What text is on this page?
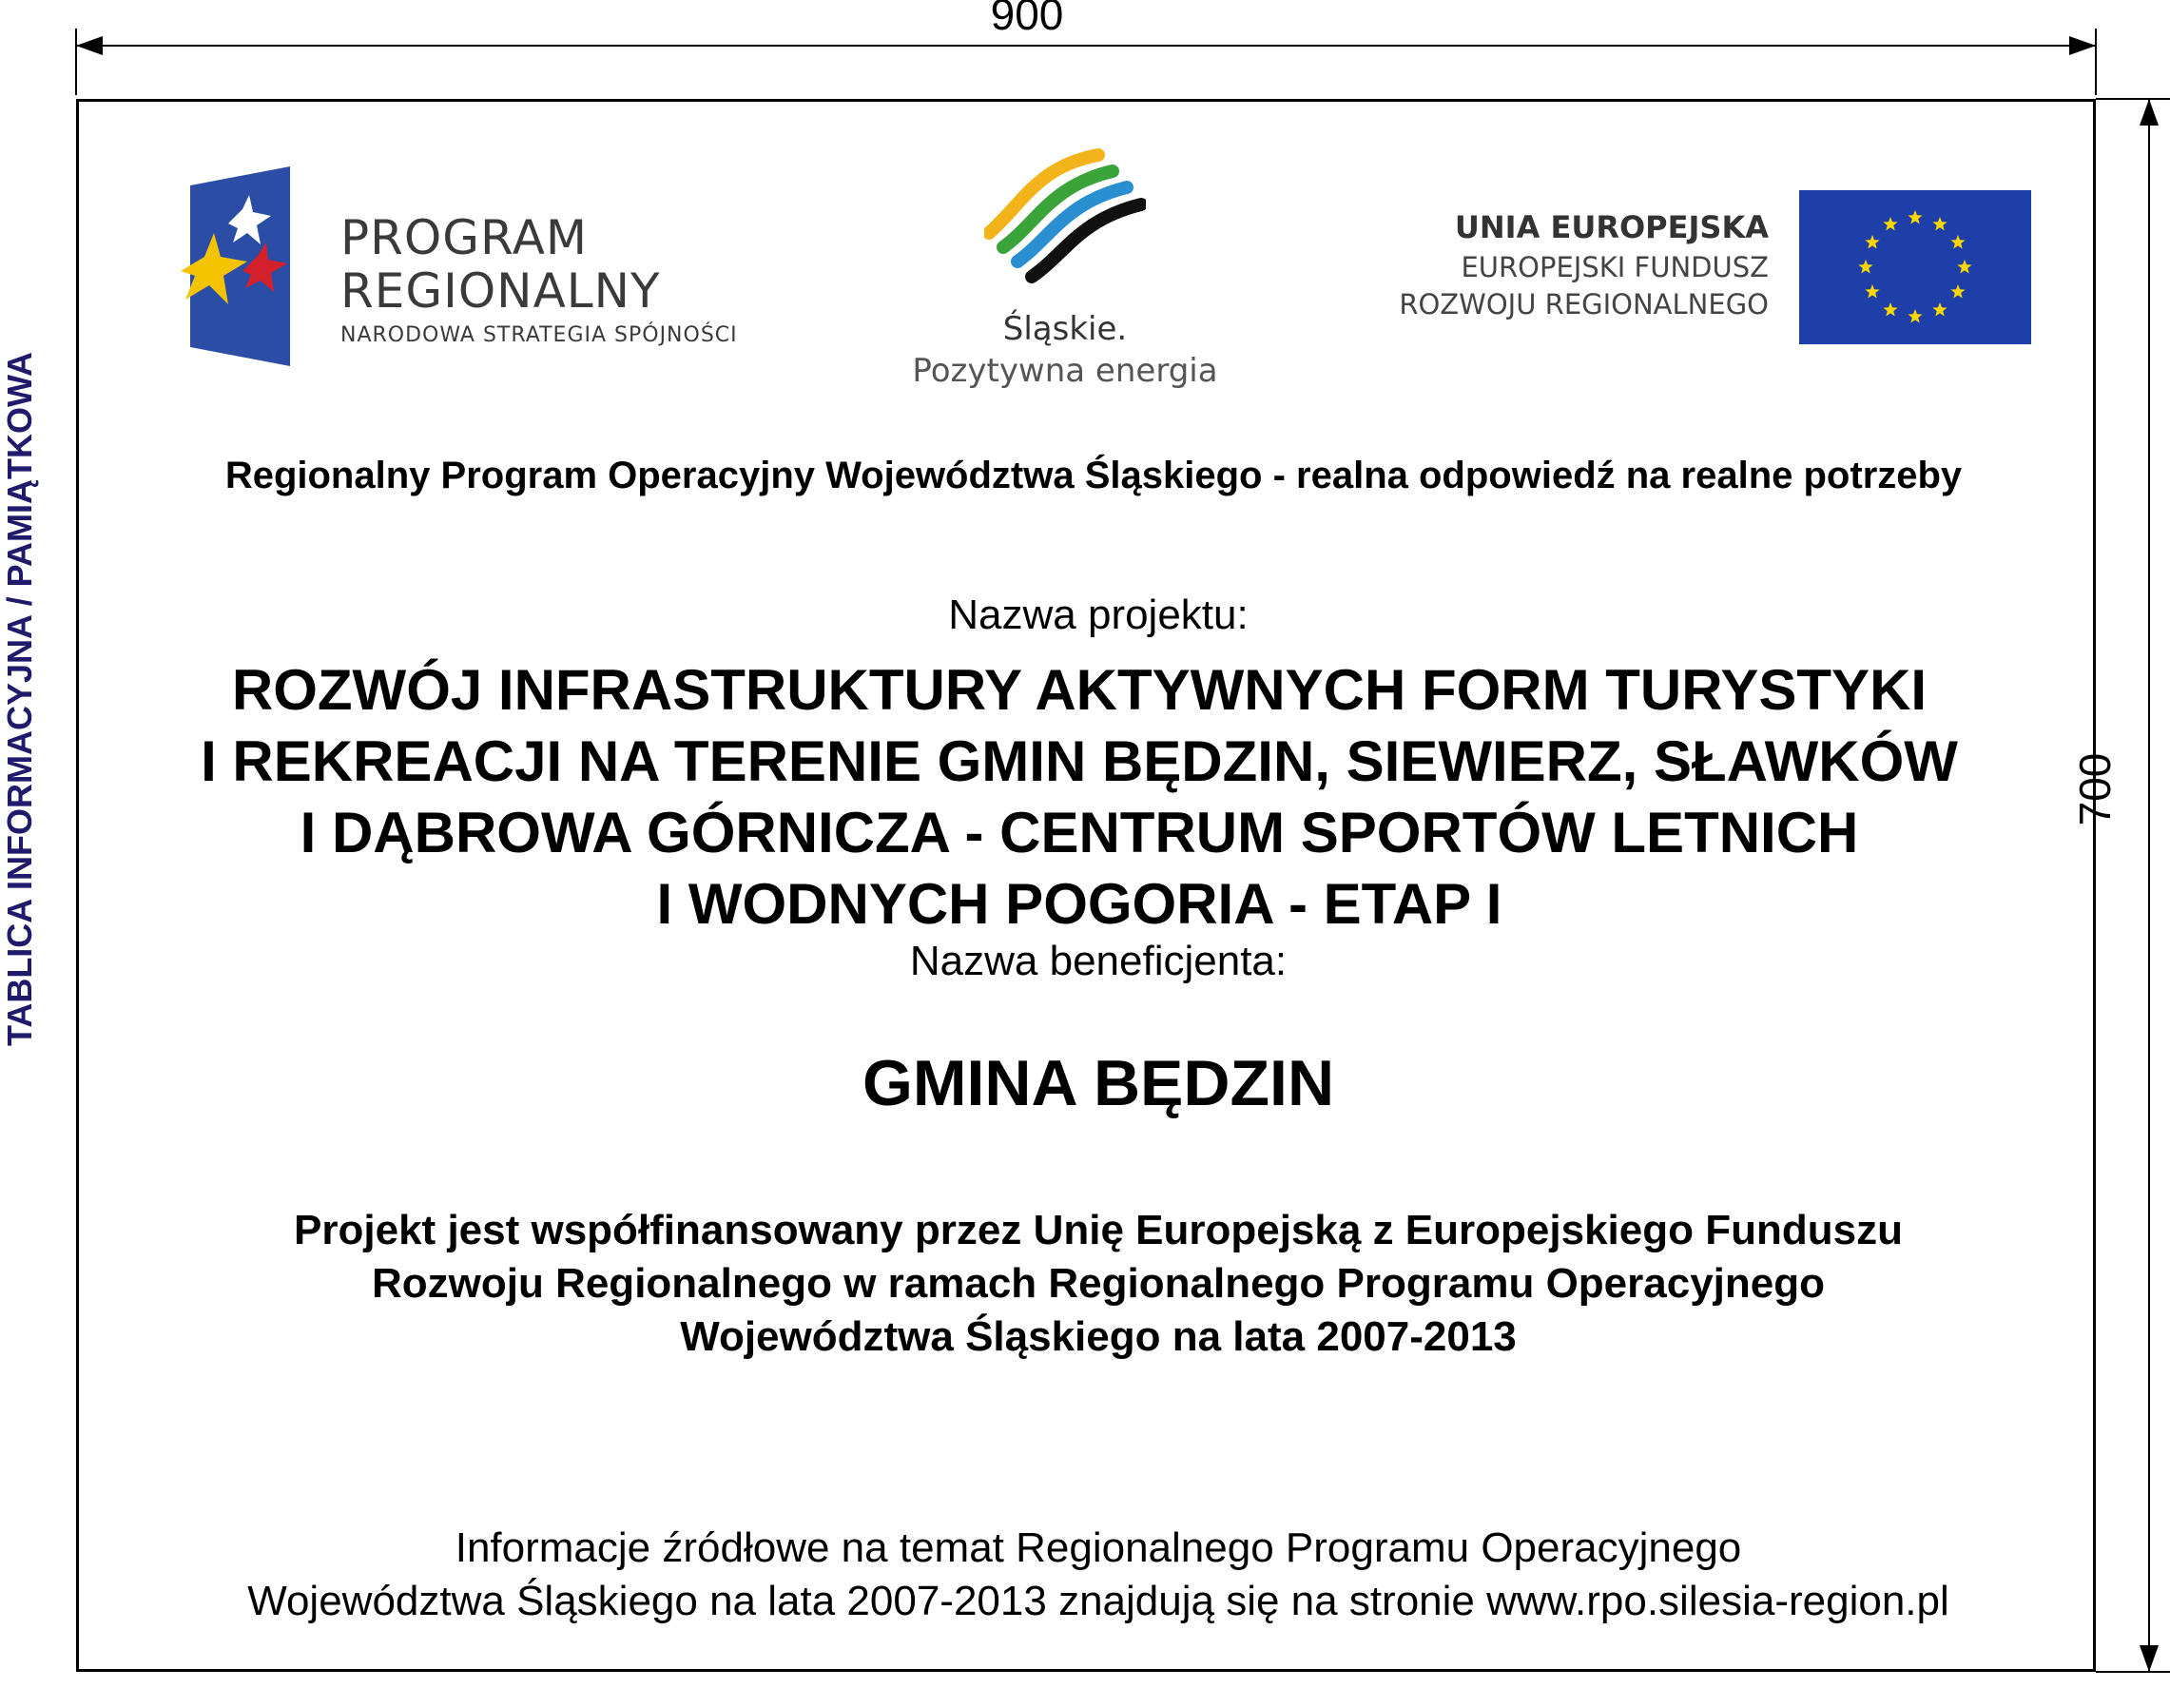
900
700
TABLICA INFORMACYJNA / PAMIĄTKOWA
PROGRAM
REGIONALNY
NARODOWA STRATEGIA SPÓJNOŚCI	Śląskie.
Pozytywna energia
UNIA EUROPEJSKA
EUROPEJSKI FUNDUSZ
ROZWOJU REGIONALNEGO
Regionalny Program Operacyjny Województwa Śląskiego - realna odpowiedź na realne potrzeby
Nazwa projektu:
ROZWÓJ INFRASTRUKTURY AKTYWNYCH FORM TURYSTYKI
I REKREACJI NA TERENIE GMIN BĘDZIN, SIEWIERZ, SŁAWKÓW
I DĄBROWA GÓRNICZA - CENTRUM SPORTÓW LETNICH
I WODNYCH POGORIA - ETAP I
Nazwa beneficjenta:
GMINA BĘDZIN
Projekt jest współfinansowany przez Unię Europejską z Europejskiego Funduszu
Rozwoju Regionalnego w ramach Regionalnego Programu Operacyjnego
Województwa Śląskiego na lata 2007-2013
Informacje źródłowe na temat Regionalnego Programu Operacyjnego
Województwa Śląskiego na lata 2007-2013 znajdują się na stronie www.rpo.silesia-region.pl
